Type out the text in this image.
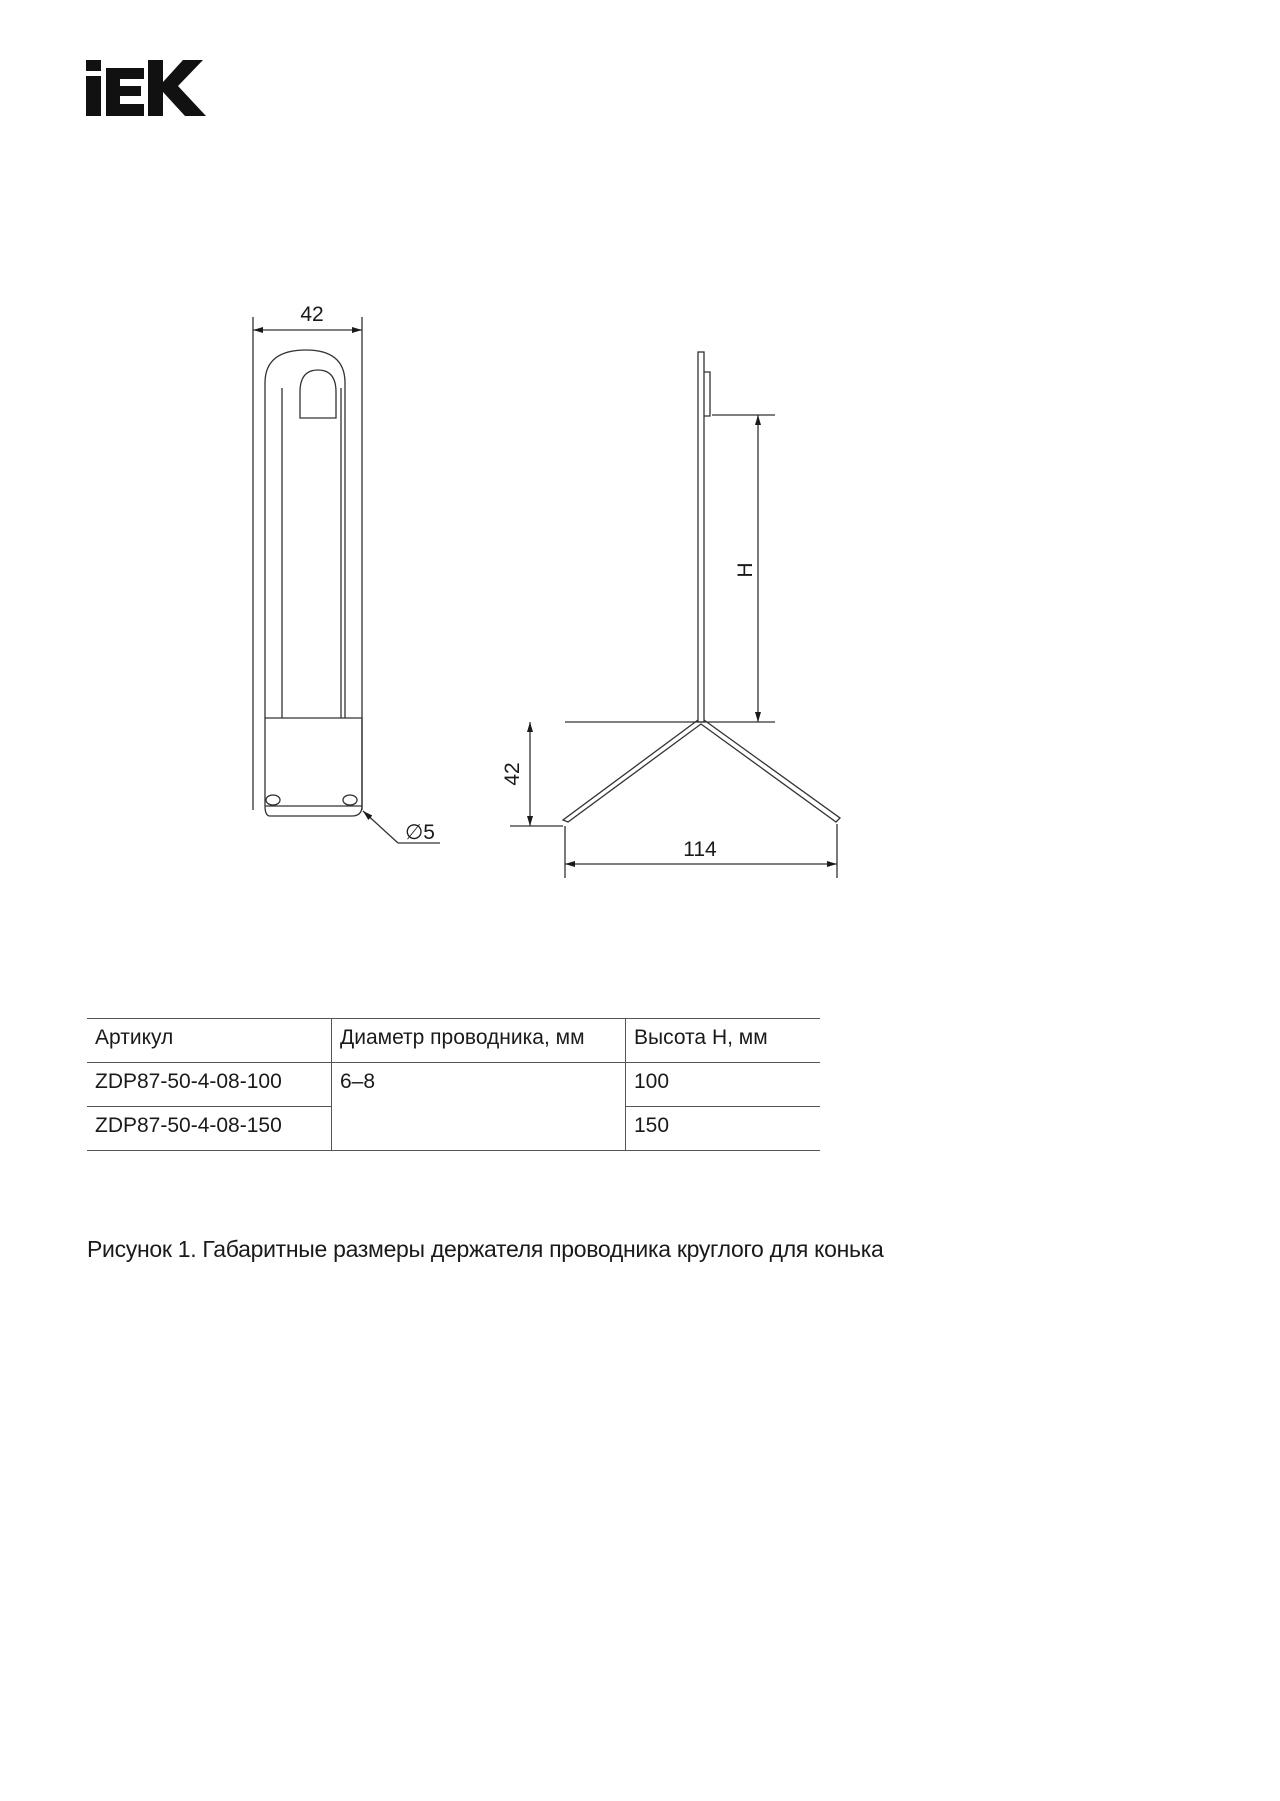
42
∅5
H
42
114
Артикул	Диаметр проводника, мм	Высота H, мм
ZDP87-50-4-08-100	6–8	100
ZDP87-50-4-08-150		150
Рисунок 1. Габаритные размеры держателя проводника круглого для конька
